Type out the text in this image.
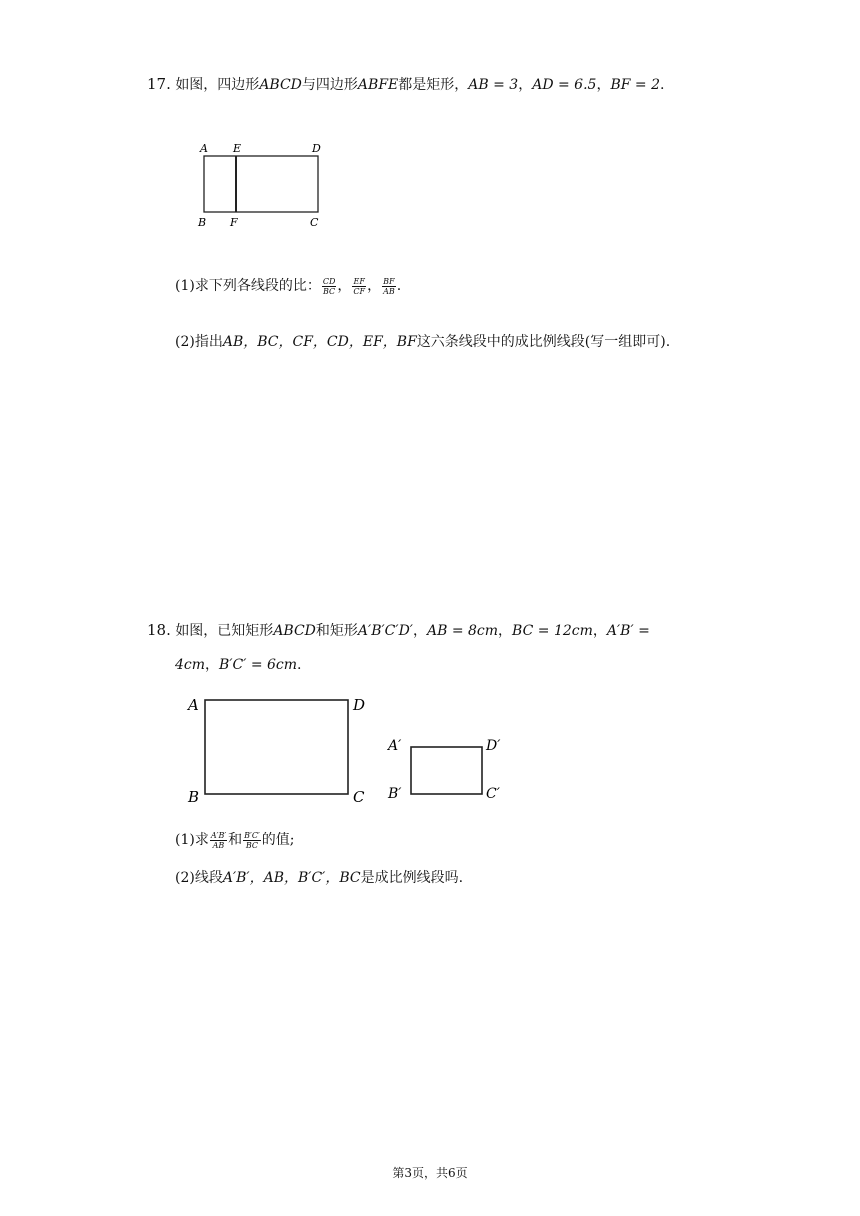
17. 如图，四边形ABCD与四边形ABFE都是矩形，AB = 3，AD = 6.5，BF = 2.
A E	D
B F	C
(1)求下列各线段的比： $\frac{CD}{BC}$ ， $\frac{EF}{CF}$ ， $\frac{BF}{AB}$ .
(2)指出AB，BC，CF，CD，EF，BF这六条线段中的成比例线段(写一组即可).
18. 如图，已知矩形ABCD和矩形A′B′C′D′，AB = 8cm，BC = 12cm，A′B′ =
4cm，B′C′ = 6cm.
A	D
B	C
A′	D′
B′	C′
(1)求 $\frac{A'B'}{AB}$ 和 $\frac{B'C'}{BC}$ 的值;
(2)线段A′B′，AB，B′C′，BC是成比例线段吗.
第3页，共6页
